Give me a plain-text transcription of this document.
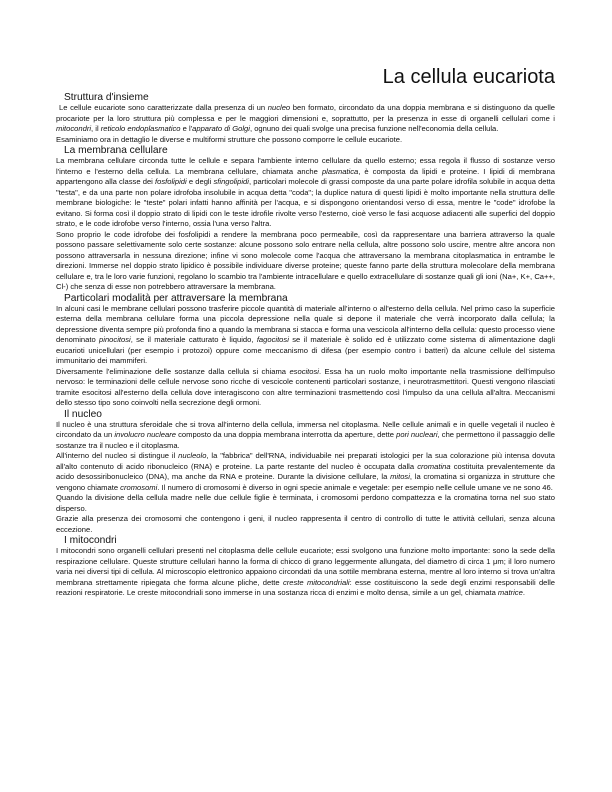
La cellula eucariota
Struttura d'insieme

Le cellule eucariote sono caratterizzate dalla presenza di un nucleo ben formato, circondato da una doppia membrana e si distinguono da quelle procariote per la loro struttura più complessa e per le maggiori dimensioni e, soprattutto, per la presenza in esse di organelli cellulari come i mitocondri, il reticolo endoplasmatico e l'apparato di Golgi, ognuno dei quali svolge una precisa funzione nell'economia della cellula.

Esaminiamo ora in dettaglio le diverse e multiformi strutture che possono comporre le cellule eucariote.

La membrana cellulare

La membrana cellulare circonda tutte le cellule e separa l'ambiente interno cellulare da quello esterno; essa regola il flusso di sostanze verso l'interno e l'esterno della cellula. La membrana cellulare, chiamata anche plasmatica, è composta da lipidi e proteine. I lipidi di membrana appartengono alla classe dei fosfolipidi e degli sfingolipidi, particolari molecole di grassi composte da una parte polare idrofila solubile in acqua detta "testa", e da una parte non polare idrofoba insolubile in acqua detta "coda"; la duplice natura di questi lipidi è molto importante nella struttura delle membrane biologiche: le "teste" polari infatti hanno affinità per l'acqua, e si dispongono orientandosi verso di essa, mentre le "code" idrofobe la evitano. Si forma così il doppio strato di lipidi con le teste idrofile rivolte verso l'esterno, cioè verso le fasi acquose adiacenti alle superfici del doppio strato, e le code idrofobe verso l'interno, ossia l'una verso l'altra.

Sono proprio le code idrofobe dei fosfolipidi a rendere la membrana poco permeabile, così da rappresentare una barriera attraverso la quale possono passare selettivamente solo certe sostanze: alcune possono solo entrare nella cellula, altre possono solo uscire, mentre altre ancora non possono attraversarla in nessuna direzione; infine vi sono molecole come l'acqua che attraversano la membrana citoplasmatica in entrambe le direzioni. Immerse nel doppio strato lipidico è possibile individuare diverse proteine; queste fanno parte della struttura molecolare della membrana cellulare e, tra le loro varie funzioni, regolano lo scambio tra l'ambiente intracellulare e quello extracellulare di sostanze quali gli ioni (Na+, K+, Ca++, Cl-) che senza di esse non potrebbero attraversare la membrana.

Particolari modalità per attraversare la membrana

In alcuni casi le membrane cellulari possono trasferire piccole quantità di materiale all'interno o all'esterno della cellula. Nel primo caso la superficie esterna della membrana cellulare forma una piccola depressione nella quale si depone il materiale che verrà incorporato dalla cellula; la depressione diventa sempre più profonda fino a quando la membrana si stacca e forma una vescicola all'interno della cellula: questo processo viene denominato pinocitosi, se il materiale catturato è liquido, fagocitosi se il materiale è solido ed è utilizzato come sistema di alimentazione dagli eucarioti unicellulari (per esempio i protozoi) oppure come meccanismo di difesa (per esempio contro i batteri) da alcune cellule del sistema immunitario dei mammiferi.

Diversamente l'eliminazione delle sostanze dalla cellula si chiama esocitosi. Essa ha un ruolo molto importante nella trasmissione dell'impulso nervoso: le terminazioni delle cellule nervose sono ricche di vescicole contenenti particolari sostanze, i neurotrasmettitori. Questi vengono rilasciati tramite esocitosi all'esterno della cellula dove interagiscono con altre terminazioni trasmettendo così l'impulso da una cellula all'altra. Meccanismi dello stesso tipo sono coinvolti nella secrezione degli ormoni.

Il nucleo

Il nucleo è una struttura sferoidale che si trova all'interno della cellula, immersa nel citoplasma. Nelle cellule animali e in quelle vegetali il nucleo è circondato da un involucro nucleare composto da una doppia membrana interrotta da aperture, dette pori nucleari, che permettono il passaggio delle sostanze tra il nucleo e il citoplasma.

All'interno del nucleo si distingue il nucleolo, la "fabbrica" dell'RNA, individuabile nei preparati istologici per la sua colorazione più intensa dovuta all'alto contenuto di acido ribonucleico (RNA) e proteine. La parte restante del nucleo è occupata dalla cromatina costituita prevalentemente da acido desossiribonucleico (DNA), ma anche da RNA e proteine. Durante la divisione cellulare, la mitosi, la cromatina si organizza in strutture che vengono chiamate cromosomi. Il numero di cromosomi è diverso in ogni specie animale e vegetale: per esempio nelle cellule umane ve ne sono 46.

Quando la divisione della cellula madre nelle due cellule figlie è terminata, i cromosomi perdono compattezza e la cromatina torna nel suo stato disperso.

Grazie alla presenza dei cromosomi che contengono i geni, il nucleo rappresenta il centro di controllo di tutte le attività cellulari, senza alcuna eccezione.

I mitocondri

I mitocondri sono organelli cellulari presenti nel citoplasma delle cellule eucariote; essi svolgono una funzione molto importante: sono la sede della respirazione cellulare. Queste strutture cellulari hanno la forma di chicco di grano leggermente allungata, del diametro di circa 1 μm; il loro numero varia nei diversi tipi di cellula. Al microscopio elettronico appaiono circondati da una sottile membrana esterna, mentre al loro interno si trova un'altra membrana strettamente ripiegata che forma alcune pliche, dette creste mitocondriali: esse costituiscono la sede degli enzimi responsabili delle reazioni respiratorie. Le creste mitocondriali sono immerse in una sostanza ricca di enzimi e molto densa, simile a un gel, chiamata matrice.
